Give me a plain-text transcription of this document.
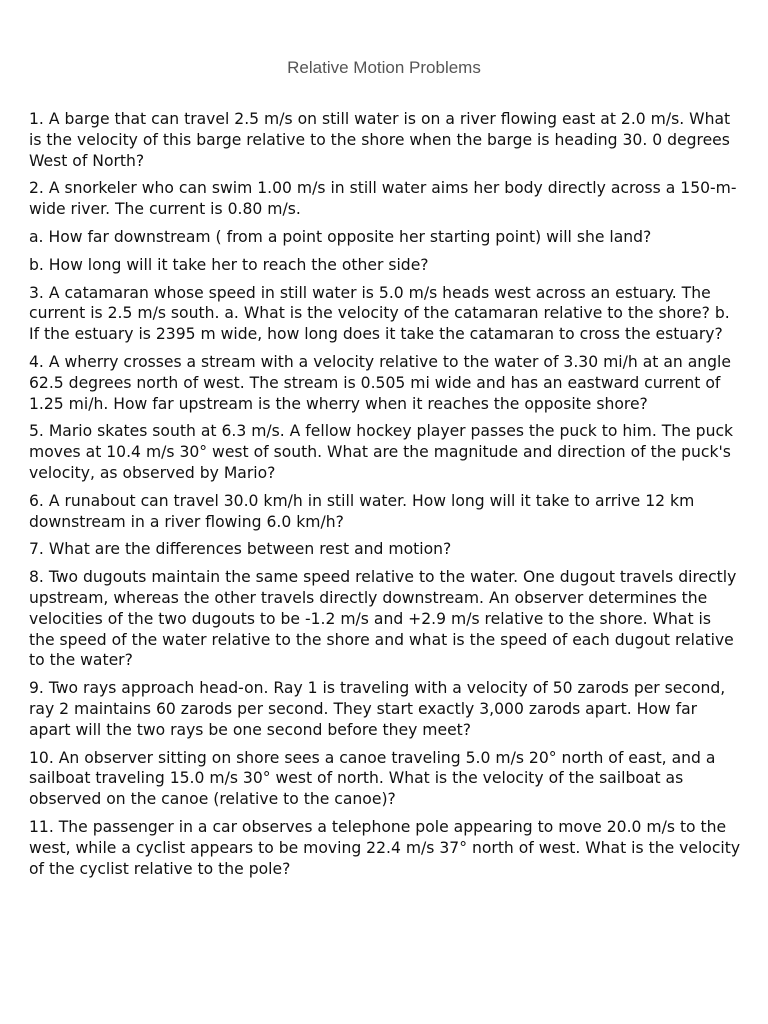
Relative Motion Problems

1. A barge that can travel 2.5 m/s on still water is on a river flowing east at 2.0 m/s. What is the velocity of this barge relative to the shore when the barge is heading 30. 0 degrees West of North?

2. A snorkeler who can swim 1.00 m/s in still water aims her body directly across a 150-m-wide river. The current is 0.80 m/s.

a. How far downstream ( from a point opposite her starting point) will she land?

b. How long will it take her to reach the other side?

3. A catamaran whose speed in still water is 5.0 m/s heads west across an estuary. The current is 2.5 m/s south. a. What is the velocity of the catamaran relative to the shore? b. If the estuary is 2395 m wide, how long does it take the catamaran to cross the estuary?

4. A wherry crosses a stream with a velocity relative to the water of 3.30 mi/h at an angle 62.5 degrees north of west. The stream is 0.505 mi wide and has an eastward current of 1.25 mi/h. How far upstream is the wherry when it reaches the opposite shore?

5. Mario skates south at 6.3 m/s. A fellow hockey player passes the puck to him. The puck moves at 10.4 m/s 30° west of south. What are the magnitude and direction of the puck's velocity, as observed by Mario?

6. A runabout can travel 30.0 km/h in still water. How long will it take to arrive 12 km downstream in a river flowing 6.0 km/h?

7. What are the differences between rest and motion?

8. Two dugouts maintain the same speed relative to the water. One dugout travels directly upstream, whereas the other travels directly downstream. An observer determines the velocities of the two dugouts to be -1.2 m/s and +2.9 m/s relative to the shore. What is the speed of the water relative to the shore and what is the speed of each dugout relative to the water?

9. Two rays approach head-on. Ray 1 is traveling with a velocity of 50 zarods per second, ray 2 maintains 60 zarods per second. They start exactly 3,000 zarods apart. How far apart will the two rays be one second before they meet?

10. An observer sitting on shore sees a canoe traveling 5.0 m/s 20° north of east, and a sailboat traveling 15.0 m/s 30° west of north. What is the velocity of the sailboat as observed on the canoe (relative to the canoe)?

11. The passenger in a car observes a telephone pole appearing to move 20.0 m/s to the west, while a cyclist appears to be moving 22.4 m/s 37° north of west. What is the velocity of the cyclist relative to the pole?
